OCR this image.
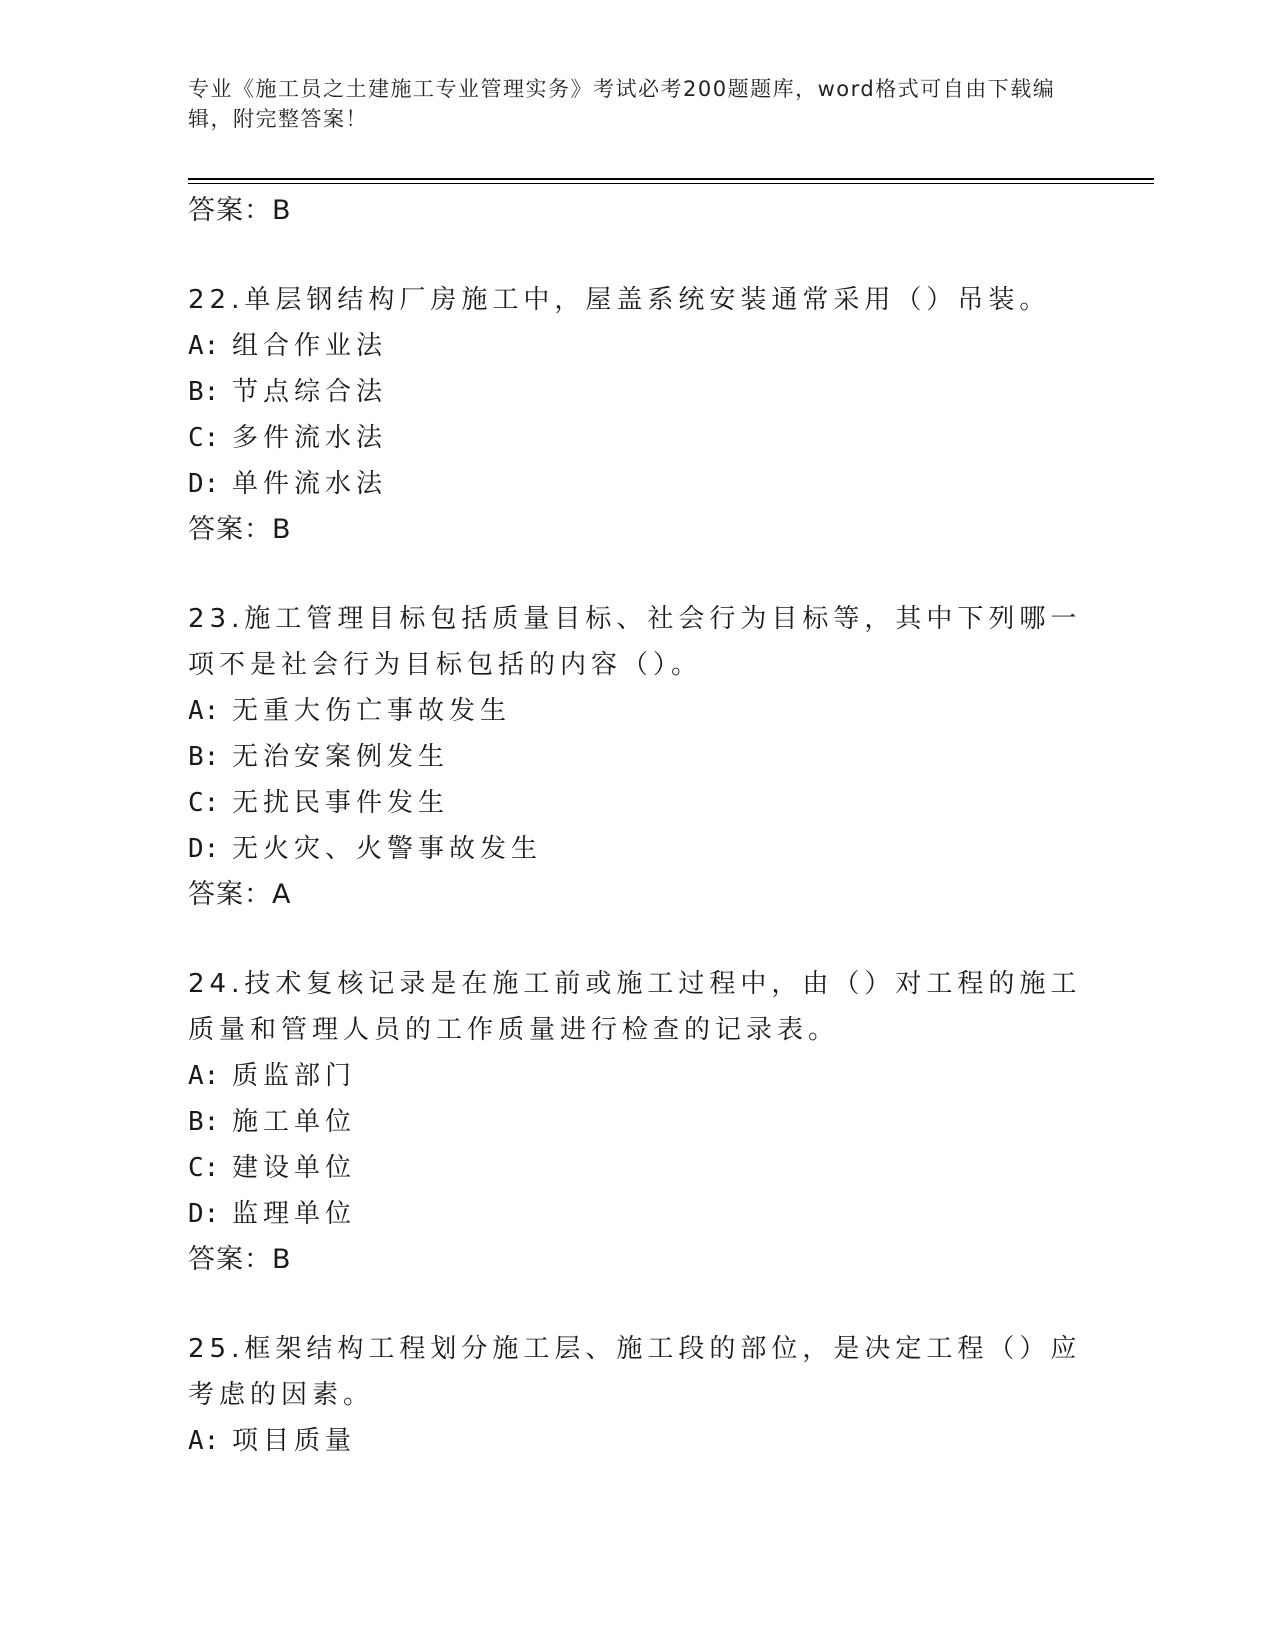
专业《施工员之土建施工专业管理实务》考试必考200题题库，word格式可自由下载编辑，附完整答案！
答案：B
22.单层钢结构厂房施工中，屋盖系统安装通常采用（）吊装。
A: 组合作业法
B: 节点综合法
C: 多件流水法
D: 单件流水法
答案：B
23.施工管理目标包括质量目标、社会行为目标等，其中下列哪一项不是社会行为目标包括的内容（）。
A: 无重大伤亡事故发生
B: 无治安案例发生
C: 无扰民事件发生
D: 无火灾、火警事故发生
答案：A
24.技术复核记录是在施工前或施工过程中，由（）对工程的施工质量和管理人员的工作质量进行检查的记录表。
A: 质监部门
B: 施工单位
C: 建设单位
D: 监理单位
答案：B
25.框架结构工程划分施工层、施工段的部位，是决定工程（）应考虑的因素。
A: 项目质量
